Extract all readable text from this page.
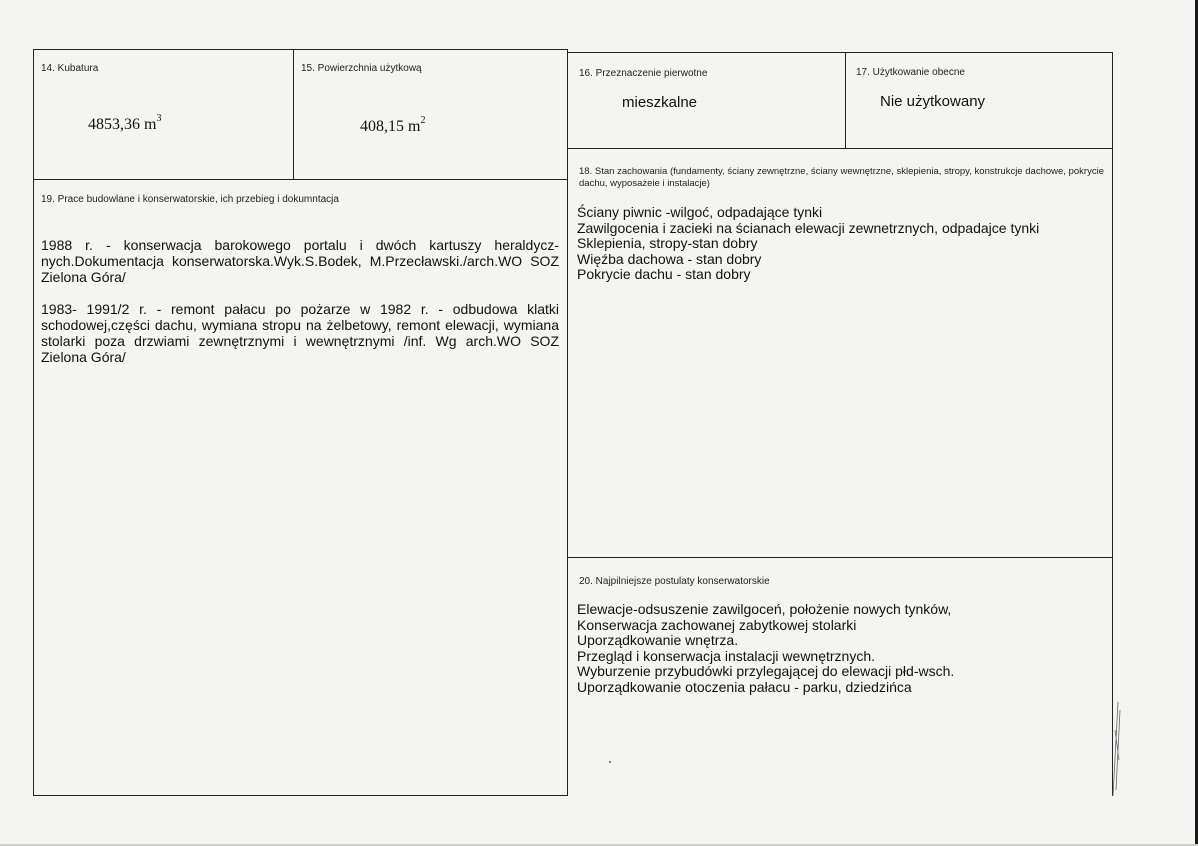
14. Kubatura
4853,36 $m^3$
15. Powierzchnia użytkową
408,15 $m^2$
16. Przeznaczenie pierwotne
mieszkalne
17. Użytkowanie obecne
Nie użytkowany
18. Stan zachowania (fundamenty, ściany zewnętrzne, ściany wewnętrzne, sklepienia, stropy, konstrukcje dachowe, pokrycie dachu, wyposażeie i instalacje)
Ściany piwnic -wilgoć, odpadające tynki
Zawilgocenia i zacieki na ścianach elewacji zewnetrznych, odpadajce tynki
Sklepienia, stropy-stan dobry
Więźba dachowa - stan dobry
Pokrycie dachu - stan dobry
19. Prace budowlane i konserwatorskie, ich przebieg i dokumntacja
1988 r. - konserwacja barokowego portalu i dwóch kartuszy heraldycz-nych.Dokumentacja konserwatorska.Wyk.S.Bodek, M.Przecławski./arch.WO SOZ Zielona Góra/
1983- 1991/2 r. - remont pałacu po pożarze w 1982 r. - odbudowa klatki schodowej,części dachu, wymiana stropu na żelbetowy, remont elewacji, wymiana stolarki poza drzwiami zewnętrznymi i wewnętrznymi /inf. Wg arch.WO SOZ Zielona Góra/
20. Najpilniejsze postulaty konserwatorskie
Elewacje-odsuszenie zawilgoceń, położenie nowych tynków,
Konserwacja zachowanej zabytkowej stolarki
Uporządkowanie wnętrza.
Przegląd i konserwacja instalacji wewnętrznych.
Wyburzenie przybudówki przylegającej do elewacji płd-wsch.
Uporządkowanie otoczenia pałacu - parku, dziedzińca
